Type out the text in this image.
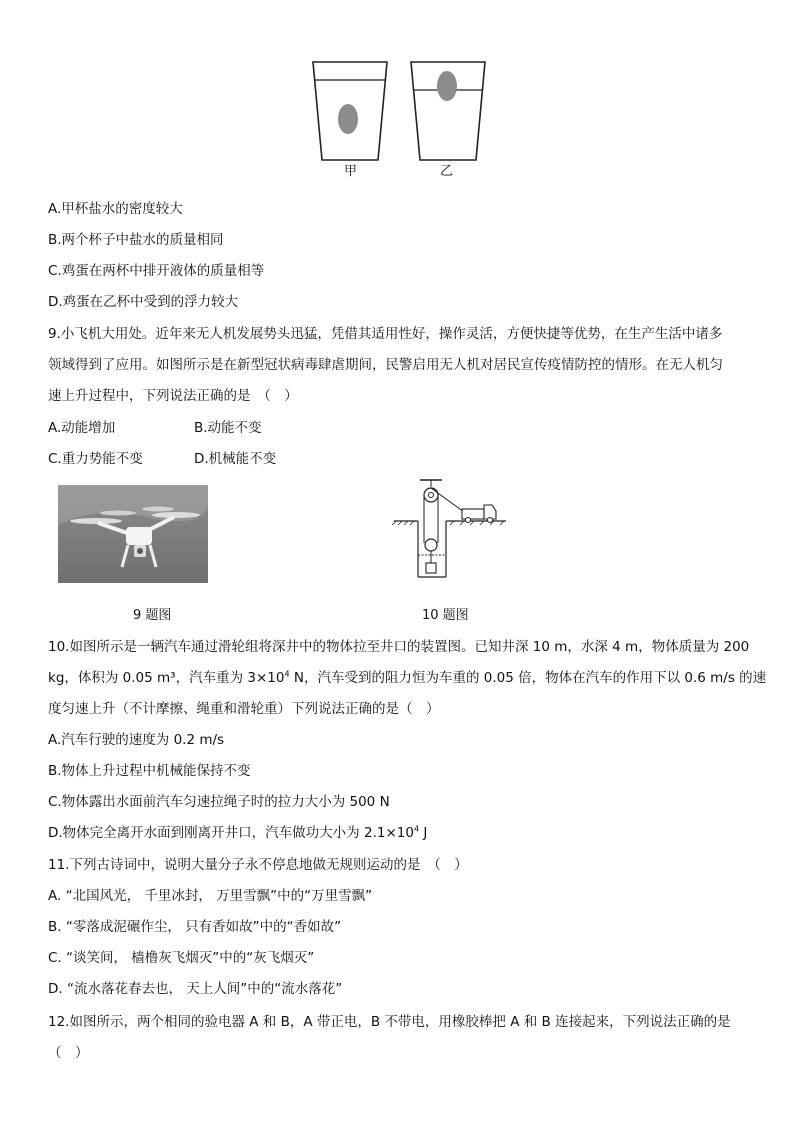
甲	乙
A.甲杯盐水的密度较大
B.两个杯子中盐水的质量相同
C.鸡蛋在两杯中排开液体的质量相等
D.鸡蛋在乙杯中受到的浮力较大
9.小飞机大用处。近年来无人机发展势头迅猛，凭借其适用性好，操作灵活，方便快捷等优势，在生产生活中诸多
领域得到了应用。如图所示是在新型冠状病毒肆虐期间，民警启用无人机对居民宣传疫情防控的情形。在无人机匀
速上升过程中，下列说法正确的是　（　）
A.动能增加	B.动能不变
C.重力势能不变	D.机械能不变
9 题图	10 题图
10.如图所示是一辆汽车通过滑轮组将深井中的物体拉至井口的装置图。已知井深 10 m，水深 4 m，物体质量为 200
kg，体积为 0.05 m³，汽车重为 $3\times 10^4$ N，汽车受到的阻力恒为车重的 0.05 倍，物体在汽车的作用下以 0.6 m/s 的速
度匀速上升（不计摩擦、绳重和滑轮重）下列说法正确的是（　）
A.汽车行驶的速度为 0.2 m/s
B.物体上升过程中机械能保持不变
C.物体露出水面前汽车匀速拉绳子时的拉力大小为 500 N
D.物体完全离开水面到刚离开井口，汽车做功大小为 $2.1\times 10^4$ J
11.下列古诗词中，说明大量分子永不停息地做无规则运动的是　（　）
A. “北国风光， 千里冰封， 万里雪飘”中的“万里雪飘”
B. “零落成泥碾作尘， 只有香如故”中的“香如故”
C. “谈笑间， 樯橹灰飞烟灭”中的“灰飞烟灭”
D. “流水落花春去也， 天上人间”中的“流水落花”
12.如图所示，两个相同的验电器 A 和 B，A 带正电，B 不带电，用橡胶棒把 A 和 B 连接起来，下列说法正确的是
（　）
